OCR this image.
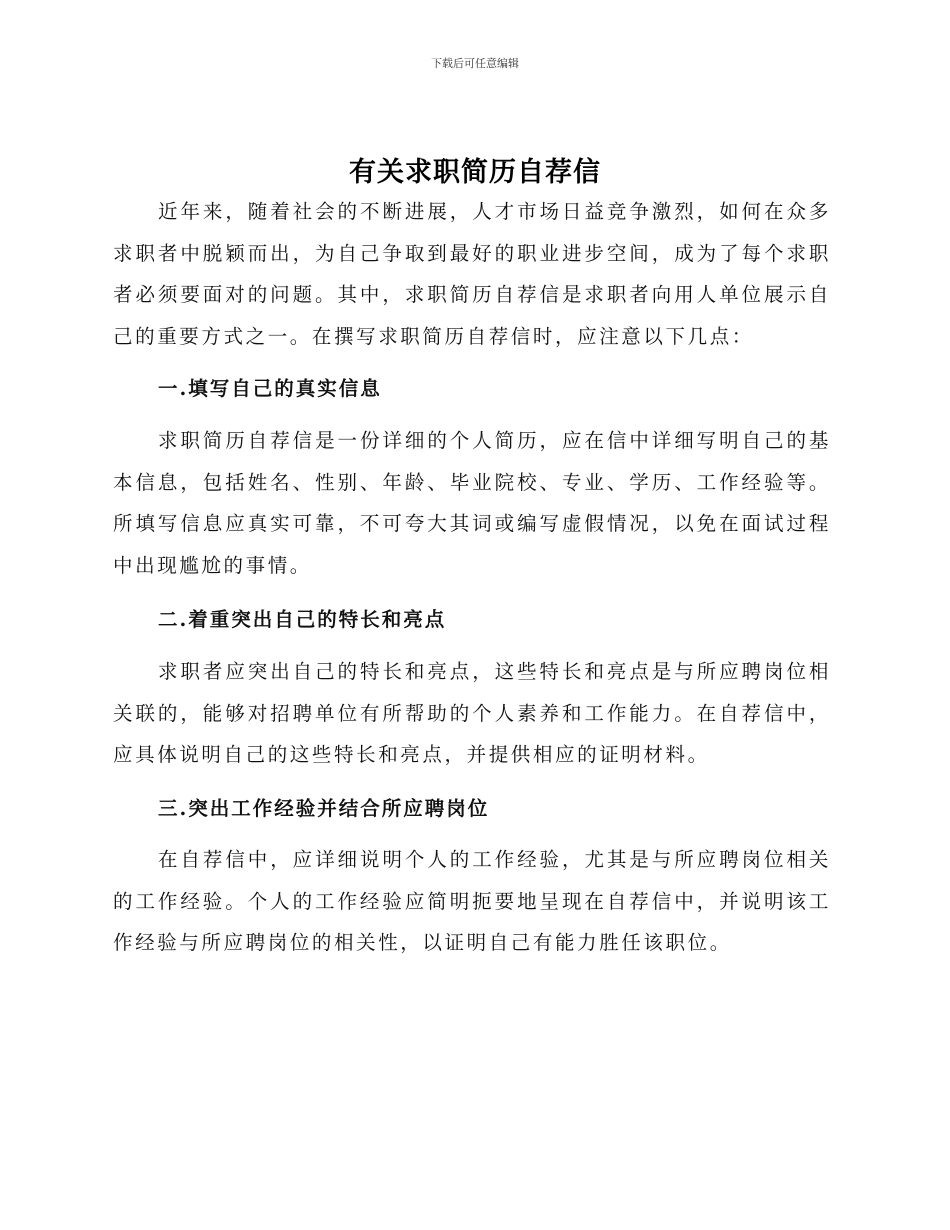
下载后可任意编辑
有关求职简历自荐信

近年来，随着社会的不断进展，人才市场日益竞争激烈，如何在众多求职者中脱颖而出，为自己争取到最好的职业进步空间，成为了每个求职者必须要面对的问题。其中，求职简历自荐信是求职者向用人单位展示自己的重要方式之一。在撰写求职简历自荐信时，应注意以下几点：

一.填写自己的真实信息

求职简历自荐信是一份详细的个人简历，应在信中详细写明自己的基本信息，包括姓名、性别、年龄、毕业院校、专业、学历、工作经验等。所填写信息应真实可靠，不可夸大其词或编写虚假情况，以免在面试过程中出现尴尬的事情。

二.着重突出自己的特长和亮点

求职者应突出自己的特长和亮点，这些特长和亮点是与所应聘岗位相关联的，能够对招聘单位有所帮助的个人素养和工作能力。在自荐信中，应具体说明自己的这些特长和亮点，并提供相应的证明材料。

三.突出工作经验并结合所应聘岗位

在自荐信中，应详细说明个人的工作经验，尤其是与所应聘岗位相关的工作经验。个人的工作经验应简明扼要地呈现在自荐信中，并说明该工作经验与所应聘岗位的相关性，以证明自己有能力胜任该职位。
